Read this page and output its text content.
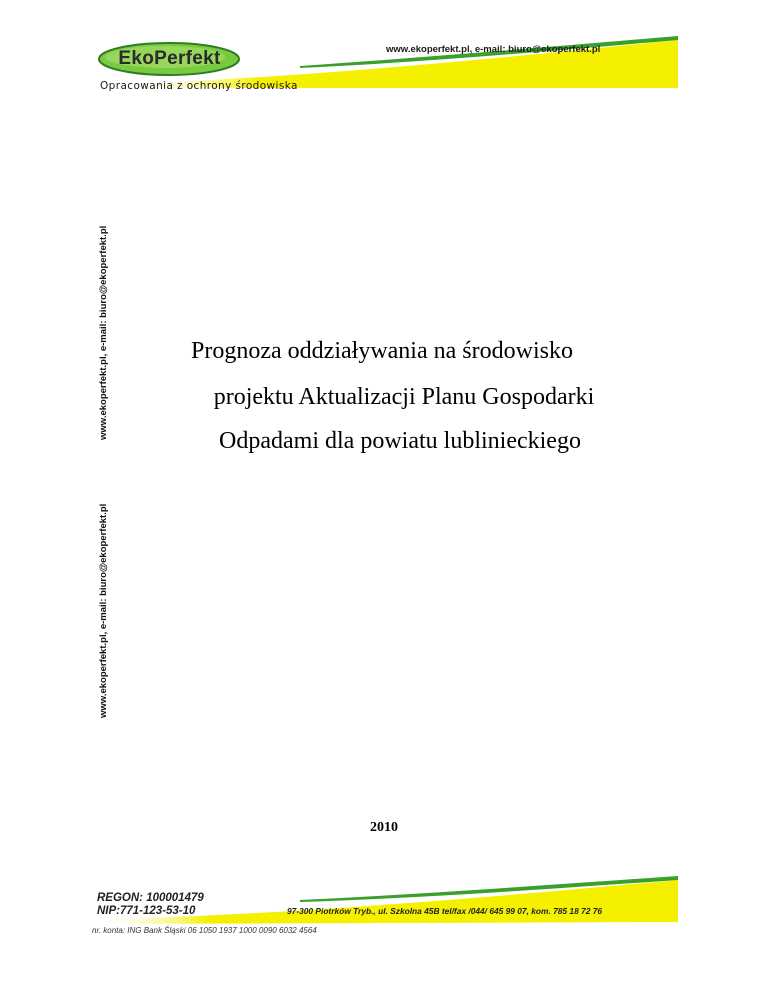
EkoPerfekt
Opracowania z ochrony środowiska
www.ekoperfekt.pl, e-mail: biuro@ekoperfekt.pl
www.ekoperfekt.pl, e-mail: biuro@ekoperfekt.pl
www.ekoperfekt.pl, e-mail: biuro@ekoperfekt.pl
Prognoza oddziaływania na środowisko
projektu Aktualizacji Planu Gospodarki
Odpadami dla powiatu lublinieckiego
2010
REGON: 100001479
NIP:771-123-53-10	97-300 Piotrków Tryb., ul. Szkolna 45B tel/fax /044/ 645 99 07, kom. 785 18 72 76
nr. konta: ING Bank Śląski 06 1050 1937 1000 0090 6032 4564
